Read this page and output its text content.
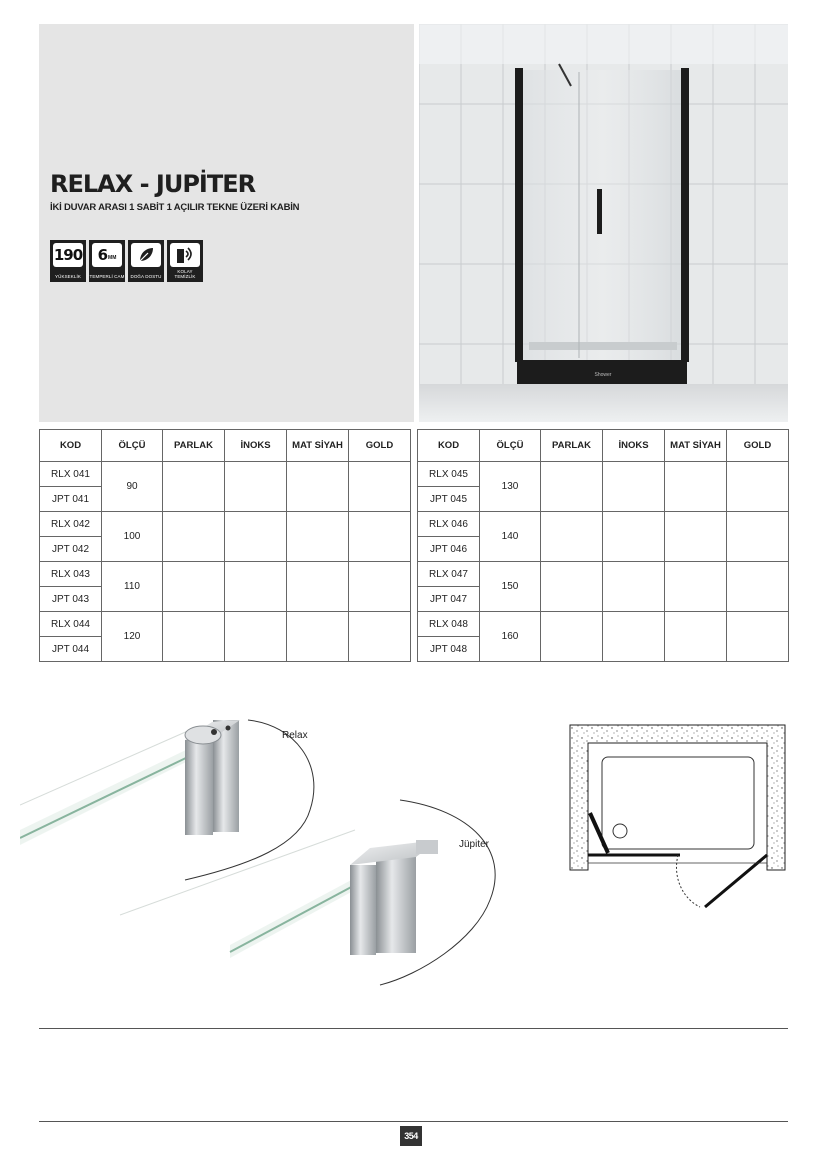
RELAX - JUPİTER

İKİ DUVAR ARASI 1 SABİT 1 AÇILIR TEKNE ÜZERİ KABİN

190
YÜKSEKLİK
6 MM
TEMPERLİ CAM	DOĞA DOSTU
KOLAY TEMİZLİK
Shower
KOD	ÖLÇÜ	PARLAK	İNOKS	MAT SİYAH	GOLD
RLX 041	90				
JPT 041					
RLX 042	100				
JPT 042					
RLX 043	110				
JPT 043					
RLX 044	120				
JPT 044					
KOD	ÖLÇÜ	PARLAK	İNOKS	MAT SİYAH	GOLD
RLX 045	130				
JPT 045					
RLX 046	140				
JPT 046					
RLX 047	150				
JPT 047					
RLX 048	160				
JPT 048					
Relax
Jüpiter
354
